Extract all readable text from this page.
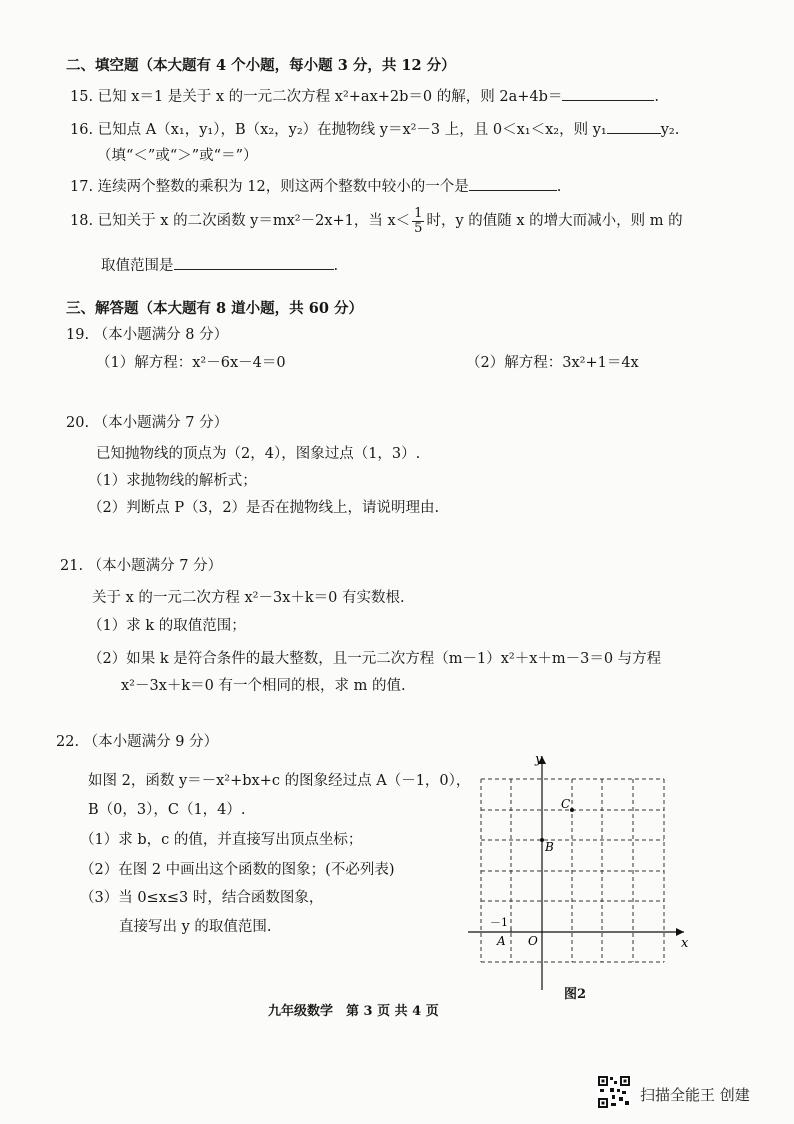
二、填空题（本大题有 4 个小题，每小题 3 分，共 12 分）
15. 已知 x＝1 是关于 x 的一元二次方程 x²+ax+2b＝0 的解，则 2a+4b＝	.
16. 已知点 A（x₁，y₁），B（x₂，y₂）在抛物线 y＝x²－3 上，且 0＜x₁＜x₂，则 y₁	y₂.
（填“＜”或“＞”或“＝”）
17. 连续两个整数的乘积为 12，则这两个整数中较小的一个是	.
18. 已知关于 x 的二次函数 y＝mx²－2x+1，当 $x< \frac{1}{5}$ 时，y 的值随 x 的增大而减小，则 m 的
取值范围是	.
三、解答题（本大题有 8 道小题，共 60 分）
19. （本小题满分 8 分）
（1）解方程：x²－6x－4＝0	（2）解方程：3x²+1＝4x
20. （本小题满分 7 分）
已知抛物线的顶点为（2，4），图象过点（1，3）.
（1）求抛物线的解析式；
（2）判断点 P（3，2）是否在抛物线上，请说明理由.
21. （本小题满分 7 分）
关于 x 的一元二次方程 x²－3x＋k＝0 有实数根.
（1）求 k 的取值范围；
（2）如果 k 是符合条件的最大整数，且一元二次方程（m－1）x²＋x＋m－3＝0 与方程
x²－3x＋k＝0 有一个相同的根，求 m 的值.
22. （本小题满分 9 分）
如图 2，函数 y＝－x²+bx+c 的图象经过点 A（－1，0），
B（0，3），C（1，4）.
（1）求 b，c 的值，并直接写出顶点坐标；
（2）在图 2 中画出这个函数的图象；(不必列表)
（3）当 0≤x≤3 时，结合函数图象，
直接写出 y 的取值范围.
y
x
O
A
－1
B
C
图2
九年级数学　第 3 页 共 4 页
扫描全能王 创建
